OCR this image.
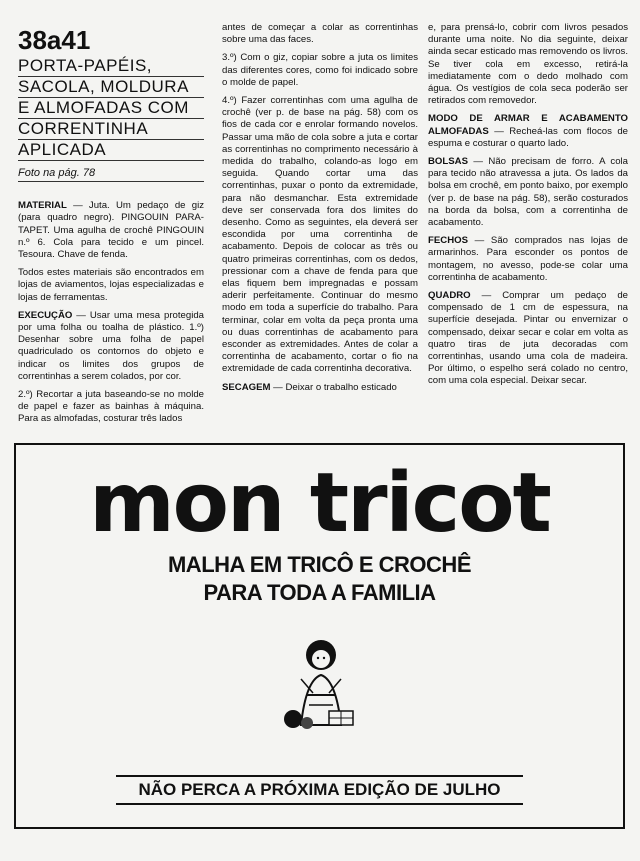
38a41
PORTA-PAPÉIS,
SACOLA, MOLDURA
E ALMOFADAS COM
CORRENTINHA
APLICADA
Foto na pág. 78

MATERIAL — Juta. Um pedaço de giz (para quadro negro). PINGOUIN PARA-TAPET. Uma agulha de crochê PINGOUIN n.º 6. Cola para tecido e um pincel. Tesoura. Chave de fenda.

Todos estes materiais são encontrados em lojas de aviamentos, lojas especializadas e lojas de ferramentas.

EXECUÇÃO — Usar uma mesa protegida por uma folha ou toalha de plástico. 1.º) Desenhar sobre uma folha de papel quadriculado os contornos do objeto e indicar os limites dos grupos de correntinhas a serem colados, por cor.

2.º) Recortar a juta baseando-se no molde de papel e fazer as bainhas à máquina. Para as almofadas, costurar três lados

antes de começar a colar as correntinhas sobre uma das faces.

3.º) Com o giz, copiar sobre a juta os limites das diferentes cores, como foi indicado sobre o molde de papel.

4.º) Fazer correntinhas com uma agulha de crochê (ver p. de base na pág. 58) com os fios de cada cor e enrolar formando novelos. Passar uma mão de cola sobre a juta e cortar as correntinhas no comprimento necessário à medida do trabalho, colando-as logo em seguida. Quando cortar uma das correntinhas, puxar o ponto da extremidade, para não desmanchar. Esta extremidade deve ser conservada fora dos limites do desenho. Como as seguintes, ela deverá ser escondida por uma correntinha de acabamento. Depois de colocar as três ou quatro primeiras correntinhas, com os dedos, pressionar com a chave de fenda para que elas fiquem bem impregnadas e possam aderir perfeitamente. Continuar do mesmo modo em toda a superfície do trabalho. Para terminar, colar em volta da peça pronta uma ou duas correntinhas de acabamento para esconder as extremidades. Antes de colar a correntinha de acabamento, cortar o fio na extremidade de cada correntinha decorativa.

SECAGEM — Deixar o trabalho esticado

e, para prensá-lo, cobrir com livros pesados durante uma noite. No dia seguinte, deixar ainda secar esticado mas removendo os livros. Se tiver cola em excesso, retirá-la imediatamente com o dedo molhado com água. Os vestígios de cola seca poderão ser retirados com removedor.

MODO DE ARMAR E ACABAMENTO ALMOFADAS — Recheá-las com flocos de espuma e costurar o quarto lado.

BOLSAS — Não precisam de forro. A cola para tecido não atravessa a juta. Os lados da bolsa em crochê, em ponto baixo, por exemplo (ver p. de base na pág. 58), serão costurados na borda da bolsa, com a correntinha de acabamento.

FECHOS — São comprados nas lojas de armarinhos. Para esconder os pontos de montagem, no avesso, pode-se colar uma correntinha de acabamento.

QUADRO — Comprar um pedaço de compensado de 1 cm de espessura, na superfície desejada. Pintar ou envernizar o compensado, deixar secar e colar em volta as quatro tiras de juta decoradas com correntinhas, usando uma cola de madeira. Por último, o espelho será colado no centro, com uma cola especial. Deixar secar.

mon tricot
MALHA EM TRICÔ E CROCHÊ
PARA TODA A FAMILIA
NÃO PERCA A PRÓXIMA EDIÇÃO DE JULHO
